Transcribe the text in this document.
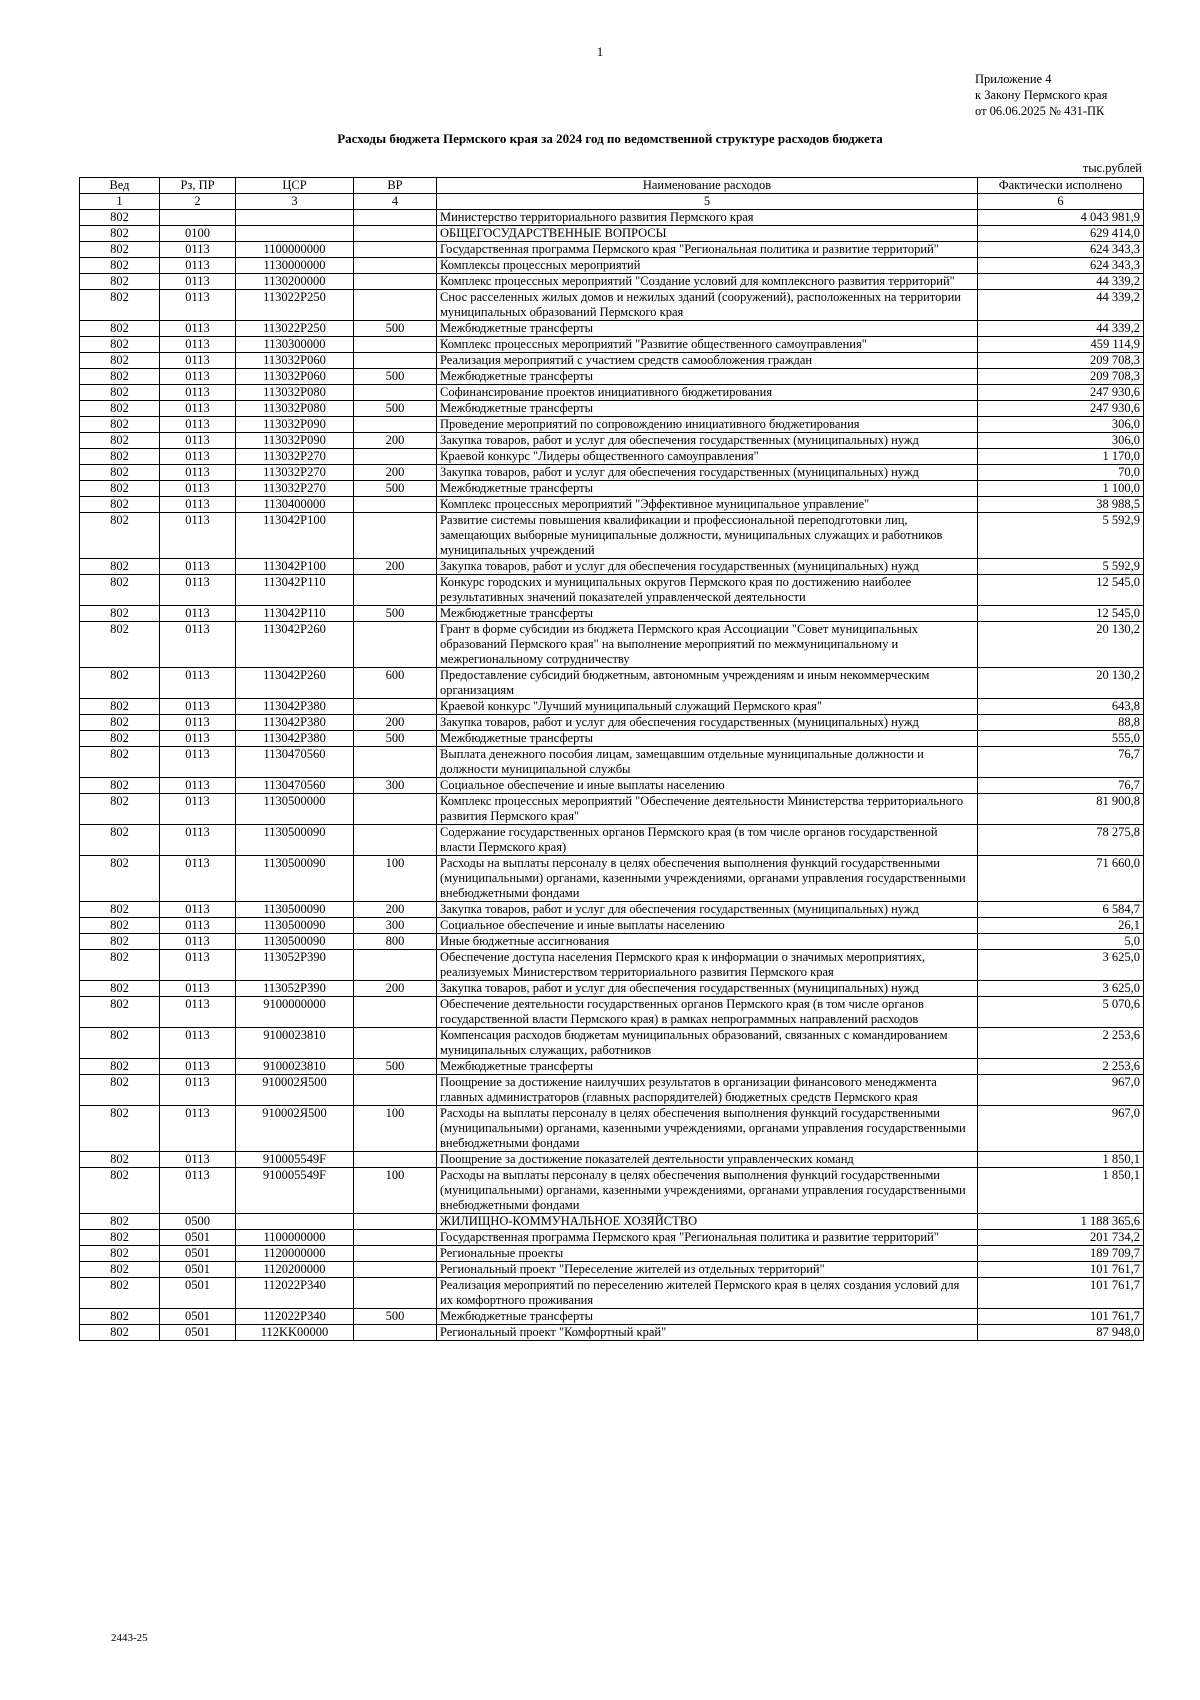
1
Приложение 4
к Закону Пермского края
от 06.06.2025 № 431-ПК
Расходы бюджета Пермского края за 2024 год по ведомственной структуре расходов бюджета
тыс.рублей
Вед	Рз, ПР	ЦСР	ВР	Наименование расходов	Фактически исполнено
1	2	3	4	5	6
802				Министерство территориального развития Пермского края	4 043 981,9
802	0100			ОБЩЕГОСУДАРСТВЕННЫЕ ВОПРОСЫ	629 414,0
802	0113	1100000000		Государственная программа Пермского края "Региональная политика и развитие территорий"	624 343,3
802	0113	1130000000		Комплексы процессных мероприятий	624 343,3
802	0113	1130200000		Комплекс процессных мероприятий "Создание условий для комплексного развития территорий"	44 339,2
802	0113	113022P250		Снос расселенных жилых домов и нежилых зданий (сооружений), расположенных на территории муниципальных образований Пермского края	44 339,2
802	0113	113022P250	500	Межбюджетные трансферты	44 339,2
802	0113	1130300000		Комплекс процессных мероприятий "Развитие общественного самоуправления"	459 114,9
802	0113	113032P060		Реализация мероприятий с участием средств самообложения граждан	209 708,3
802	0113	113032P060	500	Межбюджетные трансферты	209 708,3
802	0113	113032P080		Софинансирование проектов инициативного бюджетирования	247 930,6
802	0113	113032P080	500	Межбюджетные трансферты	247 930,6
802	0113	113032P090		Проведение мероприятий по сопровождению инициативного бюджетирования	306,0
802	0113	113032P090	200	Закупка товаров, работ и услуг для обеспечения государственных (муниципальных) нужд	306,0
802	0113	113032P270		Краевой конкурс "Лидеры общественного самоуправления"	1 170,0
802	0113	113032P270	200	Закупка товаров, работ и услуг для обеспечения государственных (муниципальных) нужд	70,0
802	0113	113032P270	500	Межбюджетные трансферты	1 100,0
802	0113	1130400000		Комплекс процессных мероприятий "Эффективное муниципальное управление"	38 988,5
802	0113	113042P100		Развитие системы повышения квалификации и профессиональной переподготовки лиц, замещающих выборные муниципальные должности, муниципальных служащих и работников муниципальных учреждений	5 592,9
802	0113	113042P100	200	Закупка товаров, работ и услуг для обеспечения государственных (муниципальных) нужд	5 592,9
802	0113	113042P110		Конкурс городских и муниципальных округов Пермского края по достижению наиболее результативных значений показателей управленческой деятельности	12 545,0
802	0113	113042P110	500	Межбюджетные трансферты	12 545,0
802	0113	113042P260		Грант в форме субсидии из бюджета Пермского края Ассоциации "Совет муниципальных образований Пермского края" на выполнение мероприятий по межмуниципальному и межрегиональному сотрудничеству	20 130,2
802	0113	113042P260	600	Предоставление субсидий бюджетным, автономным учреждениям и иным некоммерческим организациям	20 130,2
802	0113	113042P380		Краевой конкурс "Лучший муниципальный служащий Пермского края"	643,8
802	0113	113042P380	200	Закупка товаров, работ и услуг для обеспечения государственных (муниципальных) нужд	88,8
802	0113	113042P380	500	Межбюджетные трансферты	555,0
802	0113	1130470560		Выплата денежного пособия лицам, замещавшим отдельные муниципальные должности и должности муниципальной службы	76,7
802	0113	1130470560	300	Социальное обеспечение и иные выплаты населению	76,7
802	0113	1130500000		Комплекс процессных мероприятий "Обеспечение деятельности Министерства территориального развития Пермского края"	81 900,8
802	0113	1130500090		Содержание государственных органов Пермского края (в том числе органов государственной власти Пермского края)	78 275,8
802	0113	1130500090	100	Расходы на выплаты персоналу в целях обеспечения выполнения функций государственными (муниципальными) органами, казенными учреждениями, органами управления государственными внебюджетными фондами	71 660,0
802	0113	1130500090	200	Закупка товаров, работ и услуг для обеспечения государственных (муниципальных) нужд	6 584,7
802	0113	1130500090	300	Социальное обеспечение и иные выплаты населению	26,1
802	0113	1130500090	800	Иные бюджетные ассигнования	5,0
802	0113	113052P390		Обеспечение доступа населения Пермского края к информации о значимых мероприятиях, реализуемых Министерством территориального развития Пермского края	3 625,0
802	0113	113052P390	200	Закупка товаров, работ и услуг для обеспечения государственных (муниципальных) нужд	3 625,0
802	0113	9100000000		Обеспечение деятельности государственных органов Пермского края (в том числе органов государственной власти Пермского края) в рамках непрограммных направлений расходов	5 070,6
802	0113	9100023810		Компенсация расходов бюджетам муниципальных образований, связанных с командированием муниципальных служащих, работников	2 253,6
802	0113	9100023810	500	Межбюджетные трансферты	2 253,6
802	0113	910002Я500		Поощрение за достижение наилучших результатов в организации финансового менеджмента главных администраторов (главных распорядителей) бюджетных средств Пермского края	967,0
802	0113	910002Я500	100	Расходы на выплаты персоналу в целях обеспечения выполнения функций государственными (муниципальными) органами, казенными учреждениями, органами управления государственными внебюджетными фондами	967,0
802	0113	910005549F		Поощрение за достижение показателей деятельности управленческих команд	1 850,1
802	0113	910005549F	100	Расходы на выплаты персоналу в целях обеспечения выполнения функций государственными (муниципальными) органами, казенными учреждениями, органами управления государственными внебюджетными фондами	1 850,1
802	0500			ЖИЛИЩНО-КОММУНАЛЬНОЕ ХОЗЯЙСТВО	1 188 365,6
802	0501	1100000000		Государственная программа Пермского края "Региональная политика и развитие территорий"	201 734,2
802	0501	1120000000		Региональные проекты	189 709,7
802	0501	1120200000		Региональный проект "Переселение жителей из отдельных территорий"	101 761,7
802	0501	112022P340		Реализация мероприятий по переселению жителей Пермского края в целях создания условий для их комфортного проживания	101 761,7
802	0501	112022P340	500	Межбюджетные трансферты	101 761,7
802	0501	112KK00000		Региональный проект "Комфортный край"	87 948,0
2443-25
